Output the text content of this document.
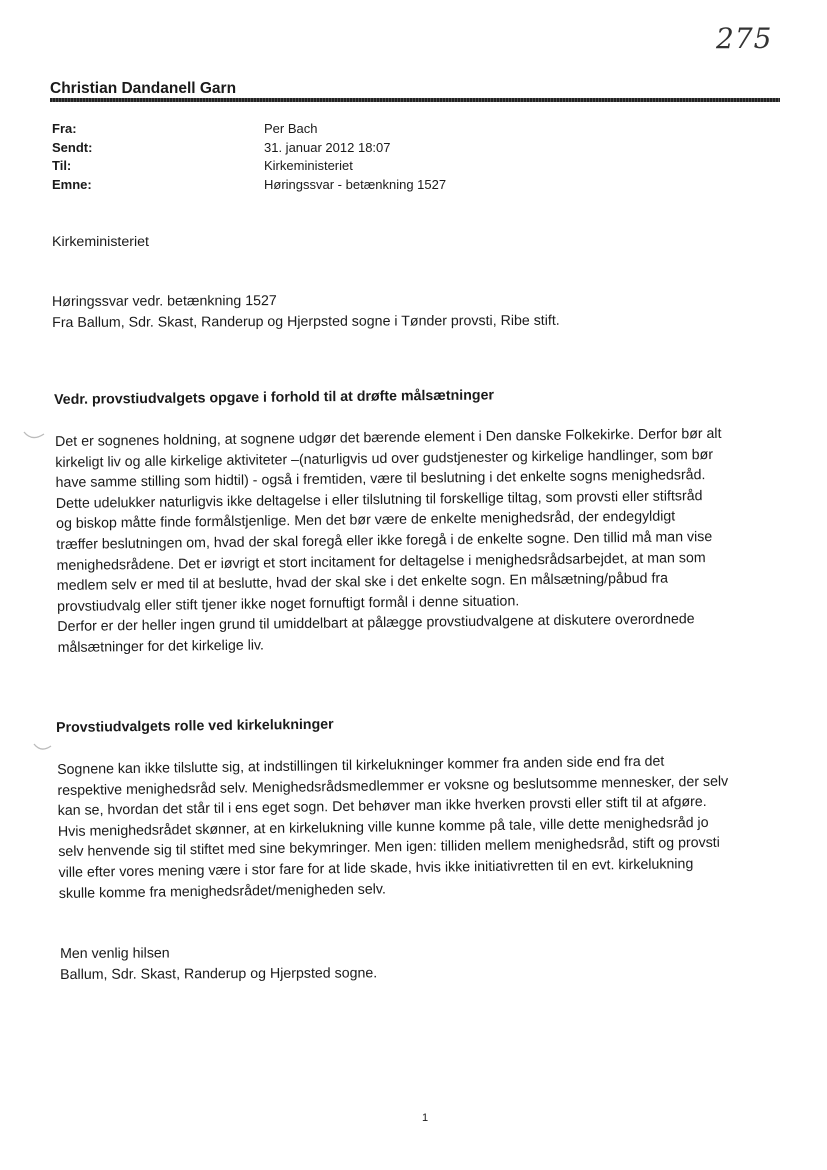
275
Christian Dandanell Garn
Fra:	Per Bach
Sendt:	31. januar 2012 18:07
Til:	Kirkeministeriet
Emne:	Høringssvar - betænkning 1527
Kirkeministeriet
Høringssvar vedr. betænkning 1527
Fra Ballum, Sdr. Skast, Randerup og Hjerpsted sogne i Tønder provsti, Ribe stift.
Vedr. provstiudvalgets opgave i forhold til at drøfte målsætninger
Det er sognenes holdning, at sognene udgør det bærende element i Den danske Folkekirke. Derfor bør alt
kirkeligt liv og alle kirkelige aktiviteter –(naturligvis ud over gudstjenester og kirkelige handlinger, som bør
have samme stilling som hidtil) - også i fremtiden, være til beslutning i det enkelte sogns menighedsråd.
Dette udelukker naturligvis ikke deltagelse i eller tilslutning til forskellige tiltag, som provsti eller stiftsråd
og biskop måtte finde formålstjenlige. Men det bør være de enkelte menighedsråd, der endegyldigt
træffer beslutningen om, hvad der skal foregå eller ikke foregå i de enkelte sogne. Den tillid må man vise
menighedsrådene. Det er iøvrigt et stort incitament for deltagelse i menighedsrådsarbejdet, at man som
medlem selv er med til at beslutte, hvad der skal ske i det enkelte sogn. En målsætning/påbud fra
provstiudvalg eller stift tjener ikke noget fornuftigt formål i denne situation.
Derfor er der heller ingen grund til umiddelbart at pålægge provstiudvalgene at diskutere overordnede
målsætninger for det kirkelige liv.
Provstiudvalgets rolle ved kirkelukninger
Sognene kan ikke tilslutte sig, at indstillingen til kirkelukninger kommer fra anden side end fra det
respektive menighedsråd selv. Menighedsrådsmedlemmer er voksne og beslutsomme mennesker, der selv
kan se, hvordan det står til i ens eget sogn. Det behøver man ikke hverken provsti eller stift til at afgøre.
Hvis menighedsrådet skønner, at en kirkelukning ville kunne komme på tale, ville dette menighedsråd jo
selv henvende sig til stiftet med sine bekymringer. Men igen: tilliden mellem menighedsråd, stift og provsti
ville efter vores mening være i stor fare for at lide skade, hvis ikke initiativretten til en evt. kirkelukning
skulle komme fra menighedsrådet/menigheden selv.
Men venlig hilsen
Ballum, Sdr. Skast, Randerup og Hjerpsted sogne.
1
